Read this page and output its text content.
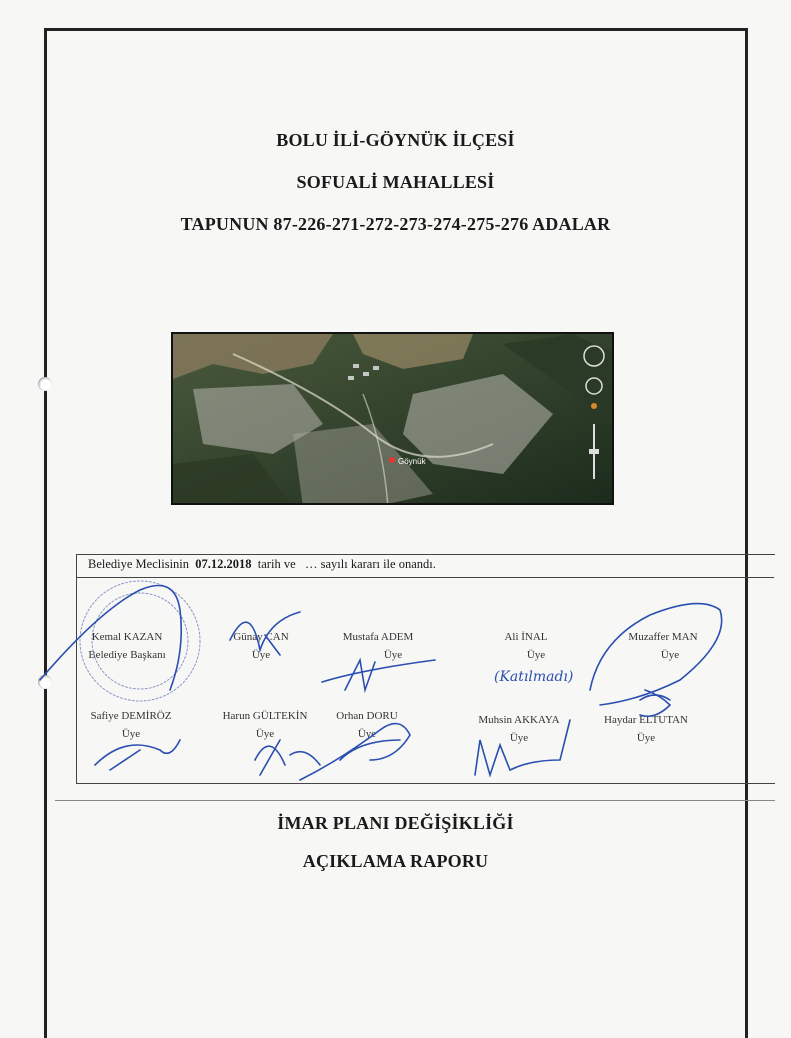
BOLU İLİ-GÖYNÜK İLÇESİ
SOFUALİ MAHALLESİ
TAPUNUN 87-226-271-272-273-274-275-276 ADALAR
Göynük
Belediye Meclisinin  07.12.2018  tarih ve   … sayılı kararı ile onandı.
Kemal KAZAN
Belediye Başkanı
Günay CAN
Üye
Mustafa ADEM
Üye
Ali İNAL
Üye
Muzaffer MAN
Üye
Safiye DEMİRÖZ
Üye
Harun GÜLTEKİN
Üye
Orhan DORU
Üye
Muhsin AKKAYA
Üye
Haydar ELTUTAN
Üye
(Katılmadı)
İMAR PLANI DEĞİŞİKLİĞİ
AÇIKLAMA RAPORU
